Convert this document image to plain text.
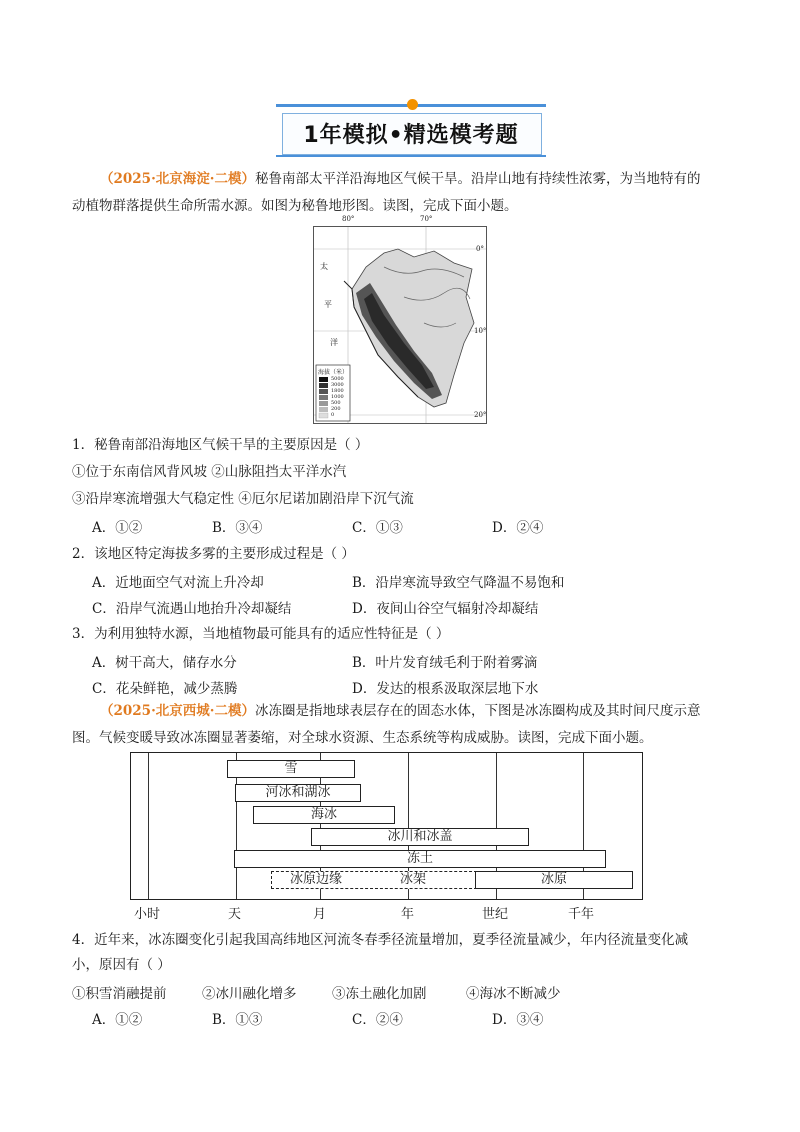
1年模拟•精选模考题
（2025·北京海淀·二模）秘鲁南部太平洋沿海地区气候干旱。沿岸山地有持续性浓雾，为当地特有的
动植物群落提供生命所需水源。如图为秘鲁地形图。读图，完成下面小题。
80°	70°
0°
10°
20°
太
平
洋
海拔（米）
5000
3000
1800
1000
500
200
0
1．秘鲁南部沿海地区气候干旱的主要原因是（ ）
①位于东南信风背风坡 ②山脉阻挡太平洋水汽
③沿岸寒流增强大气稳定性 ④厄尔尼诺加剧沿岸下沉气流
A．①②	B．③④	C．①③	D．②④
2．该地区特定海拔多雾的主要形成过程是（ ）
A．近地面空气对流上升冷却	B．沿岸寒流导致空气降温不易饱和
C．沿岸气流遇山地抬升冷却凝结	D．夜间山谷空气辐射冷却凝结
3．为利用独特水源，当地植物最可能具有的适应性特征是（ ）
A．树干高大，储存水分	B．叶片发育绒毛利于附着雾滴
C．花朵鲜艳，减少蒸腾	D．发达的根系汲取深层地下水
（2025·北京西城·二模）冰冻圈是指地球表层存在的固态水体，下图是冰冻圈构成及其时间尺度示意
图。气候变暖导致冰冻圈显著萎缩，对全球水资源、生态系统等构成威胁。读图，完成下面小题。
雪
河冰和湖冰
海冰
冰川和冰盖
冻土
冰原边缘	冰架	冰原
小时	天	月	年	世纪	千年
4．近年来，冰冻圈变化引起我国高纬地区河流冬春季径流量增加，夏季径流量减少，年内径流量变化减
小，原因有（ ）
①积雪消融提前	②冰川融化增多	③冻土融化加剧	④海冰不断减少
A．①②	B．①③	C．②④	D．③④
